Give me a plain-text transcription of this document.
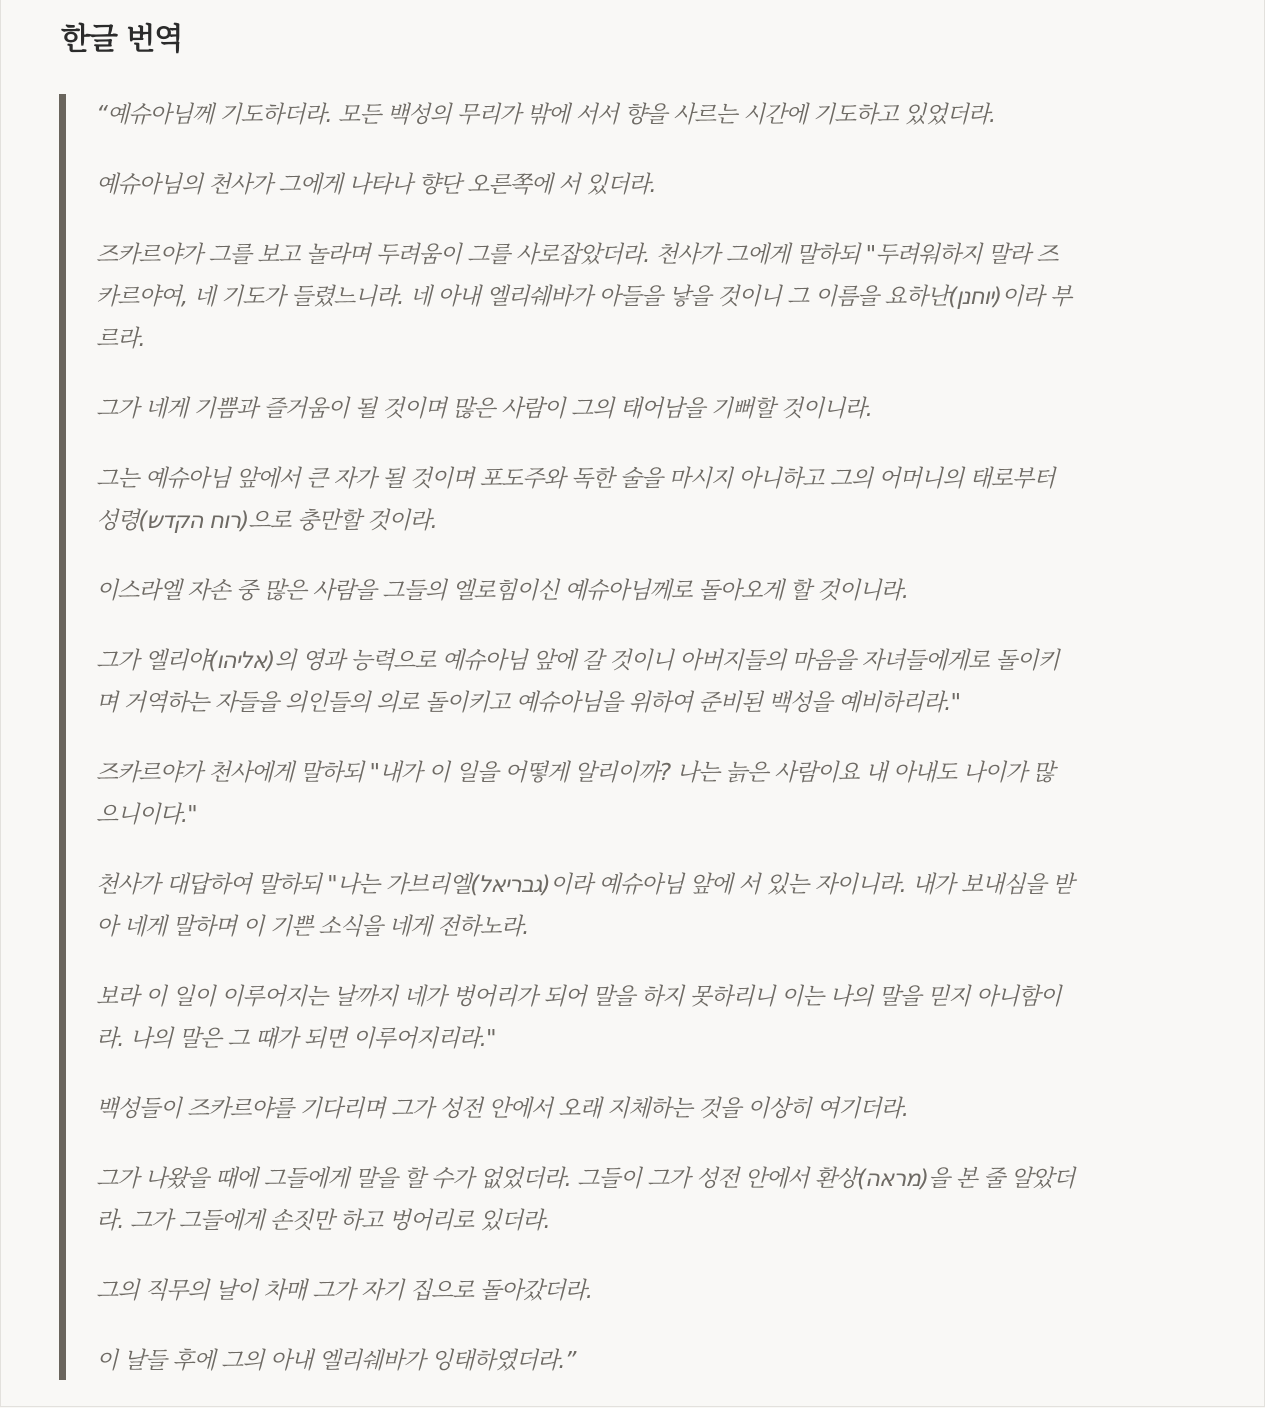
한글 번역

“예슈아님께 기도하더라. 모든 백성의 무리가 밖에 서서 향을 사르는 시간에 기도하고 있었더라.

예슈아님의 천사가 그에게 나타나 향단 오른쪽에 서 있더라.

즈카르야가 그를 보고 놀라며 두려움이 그를 사로잡았더라. 천사가 그에게 말하되 "두려워하지 말라 즈

카르야여, 네 기도가 들렸느니라. 네 아내 엘리쉐바가 아들을 낳을 것이니 그 이름을 요하난(יוחנן)이라 부

르라.

그가 네게 기쁨과 즐거움이 될 것이며 많은 사람이 그의 태어남을 기뻐할 것이니라.

그는 예슈아님 앞에서 큰 자가 될 것이며 포도주와 독한 술을 마시지 아니하고 그의 어머니의 태로부터

성령(רוח הקדש)으로 충만할 것이라.

이스라엘 자손 중 많은 사람을 그들의 엘로힘이신 예슈아님께로 돌아오게 할 것이니라.

그가 엘리야(אליהו)의 영과 능력으로 예슈아님 앞에 갈 것이니 아버지들의 마음을 자녀들에게로 돌이키

며 거역하는 자들을 의인들의 의로 돌이키고 예슈아님을 위하여 준비된 백성을 예비하리라."

즈카르야가 천사에게 말하되 "내가 이 일을 어떻게 알리이까? 나는 늙은 사람이요 내 아내도 나이가 많

으니이다."

천사가 대답하여 말하되 "나는 가브리엘(גבריאל)이라 예슈아님 앞에 서 있는 자이니라. 내가 보내심을 받

아 네게 말하며 이 기쁜 소식을 네게 전하노라.

보라 이 일이 이루어지는 날까지 네가 벙어리가 되어 말을 하지 못하리니 이는 나의 말을 믿지 아니함이

라. 나의 말은 그 때가 되면 이루어지리라."

백성들이 즈카르야를 기다리며 그가 성전 안에서 오래 지체하는 것을 이상히 여기더라.

그가 나왔을 때에 그들에게 말을 할 수가 없었더라. 그들이 그가 성전 안에서 환상(מראה)을 본 줄 알았더

라. 그가 그들에게 손짓만 하고 벙어리로 있더라.

그의 직무의 날이 차매 그가 자기 집으로 돌아갔더라.

이 날들 후에 그의 아내 엘리쉐바가 잉태하였더라.”
